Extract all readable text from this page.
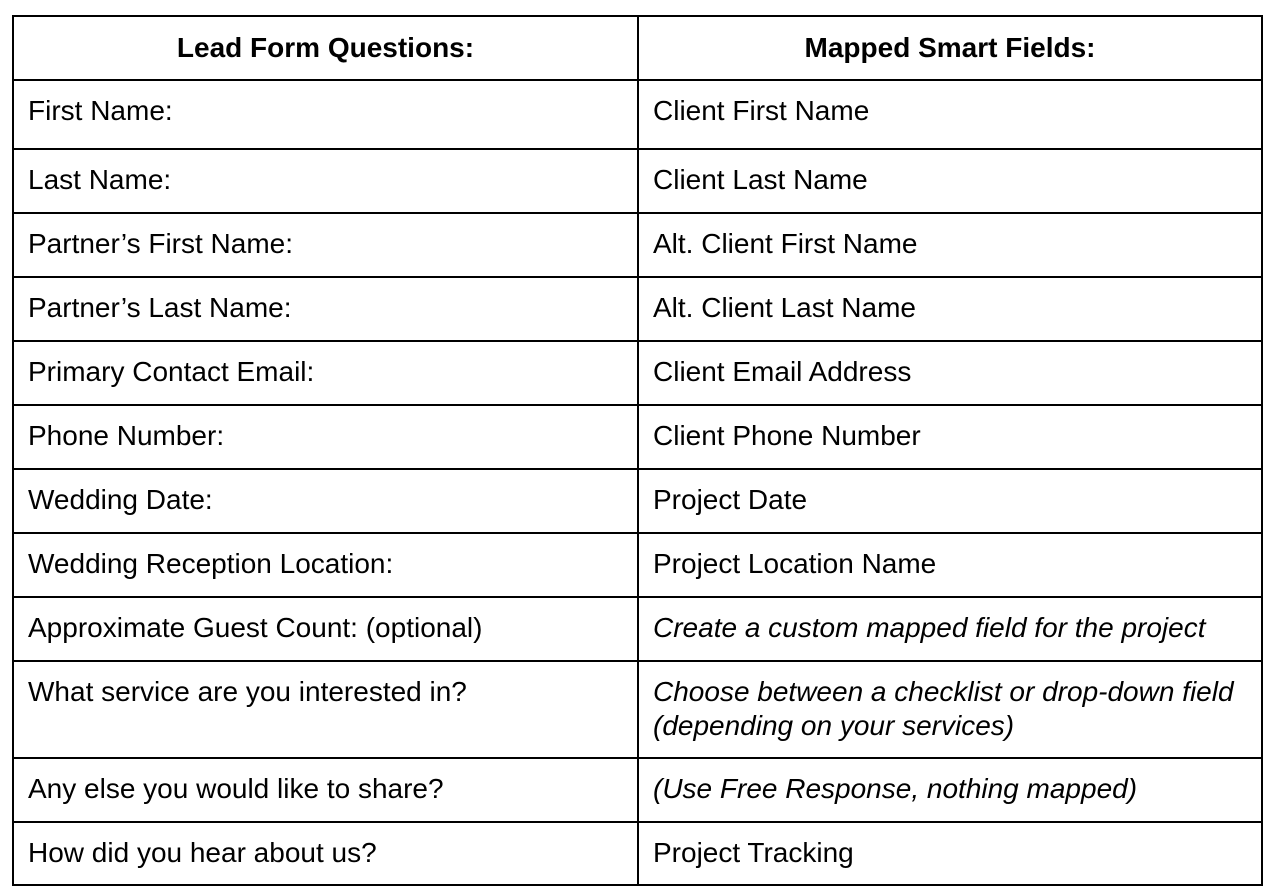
Lead Form Questions:	Mapped Smart Fields:
First Name:	Client First Name
Last Name:	Client Last Name
Partner’s First Name:	Alt. Client First Name
Partner’s Last Name:	Alt. Client Last Name
Primary Contact Email:	Client Email Address
Phone Number:	Client Phone Number
Wedding Date:	Project Date
Wedding Reception Location:	Project Location Name
Approximate Guest Count: (optional)	Create a custom mapped field for the project
What service are you interested in?	Choose between a checklist or drop-down field (depending on your services)
Any else you would like to share?	(Use Free Response, nothing mapped)
How did you hear about us?	Project Tracking
